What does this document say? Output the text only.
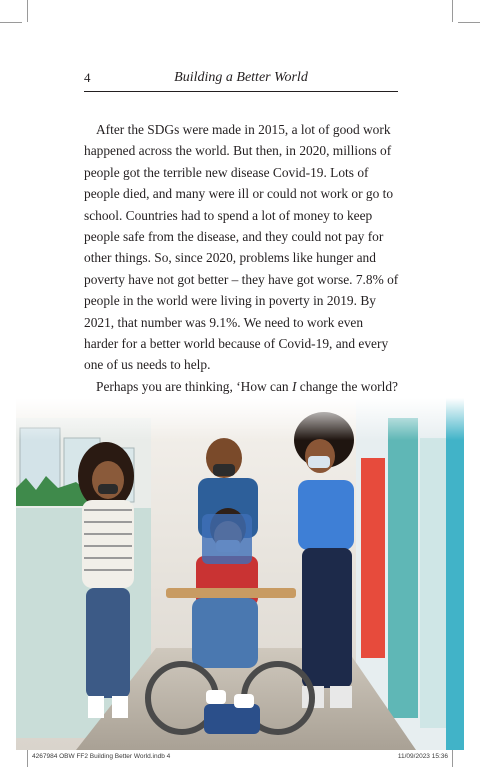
4	Building a Better World

After the SDGs were made in 2015, a lot of good work happened across the world. But then, in 2020, millions of people got the terrible new disease Covid-19. Lots of people died, and many were ill or could not work or go to school. Countries had to spend a lot of money to keep people safe from the disease, and they could not pay for other things. So, since 2020, problems like hunger and poverty have not got better – they have got worse. 7.8% of people in the world were living in poverty in 2019. By 2021, that number was 9.1%. We need to work even harder for a better world because of Covid-19, and every one of us needs to help.

Perhaps you are thinking, ‘How can I change the world?

4267984 OBW FF2 Building Better World.indb 4	11/09/2023 15:36
